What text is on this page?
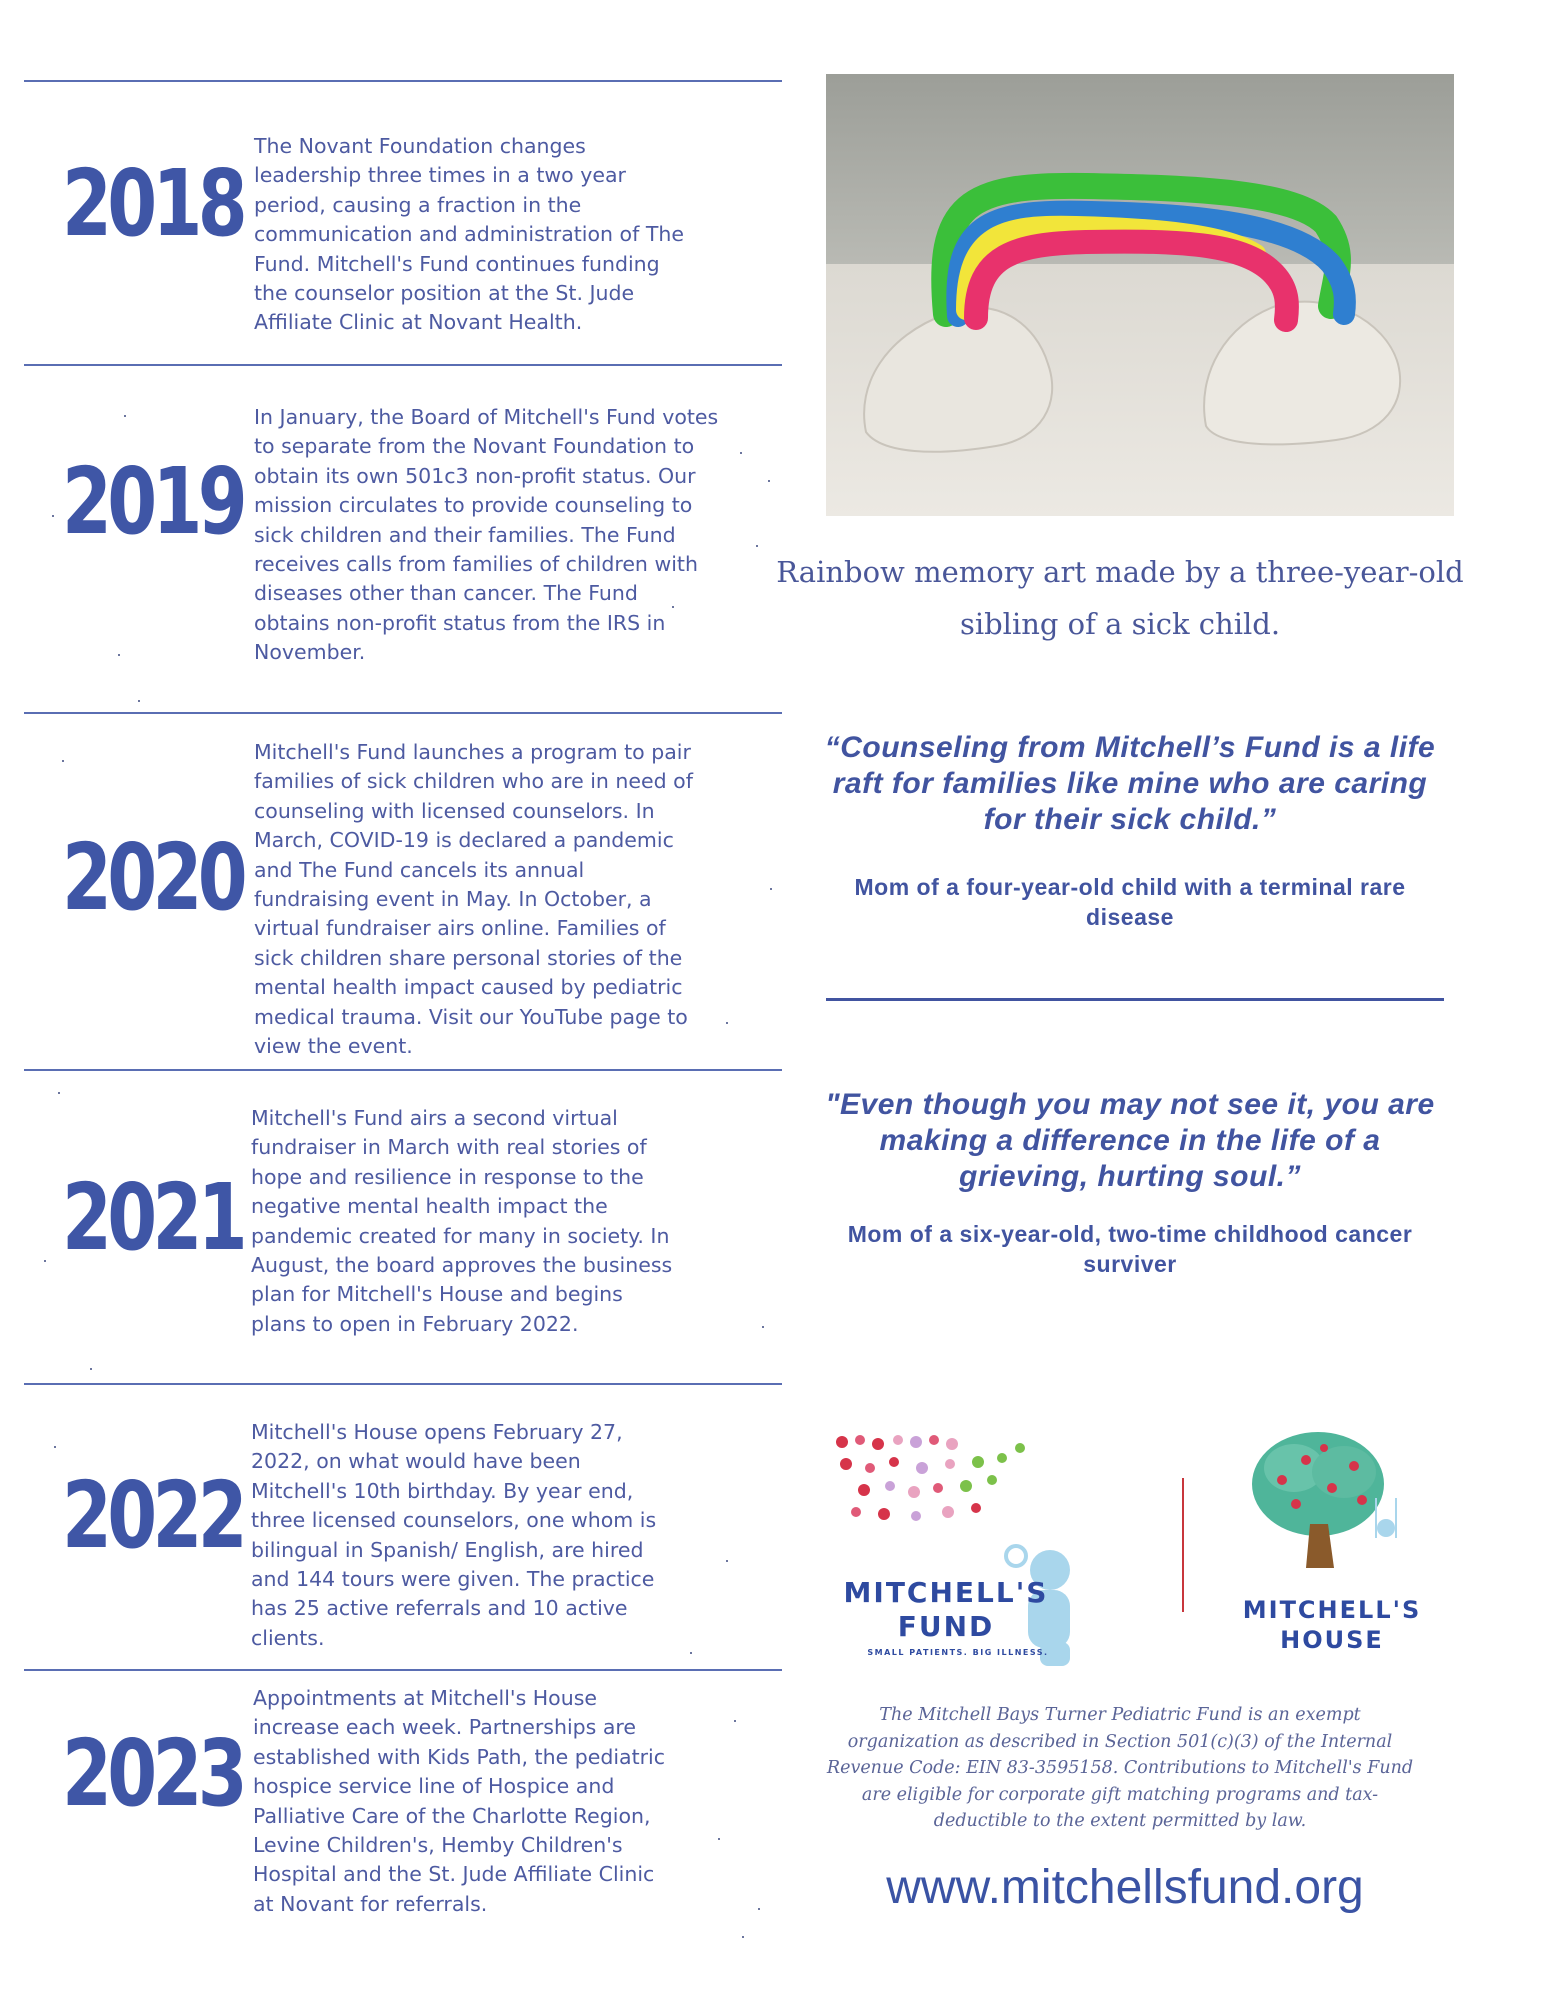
2018
The Novant Foundation changes
leadership three times in a two year
period, causing a fraction in the
communication and administration of The
Fund. Mitchell's Fund continues funding
the counselor position at the St. Jude
Affiliate Clinic at Novant Health.
2019
In January, the Board of Mitchell's Fund votes
to separate from the Novant Foundation to
obtain its own 501c3 non-profit status. Our
mission circulates to provide counseling to
sick children and their families. The Fund
receives calls from families of children with
diseases other than cancer. The Fund
obtains non-profit status from the IRS in
November.
2020
Mitchell's Fund launches a program to pair
families of sick children who are in need of
counseling with licensed counselors. In
March, COVID-19 is declared a pandemic
and The Fund cancels its annual
fundraising event in May. In October, a
virtual fundraiser airs online. Families of
sick children share personal stories of the
mental health impact caused by pediatric
medical trauma. Visit our YouTube page to
view the event.
2021
Mitchell's Fund airs a second virtual
fundraiser in March with real stories of
hope and resilience in response to the
negative mental health impact the
pandemic created for many in society. In
August, the board approves the business
plan for Mitchell's House and begins
plans to open in February 2022.
2022
Mitchell's House opens February 27,
2022, on what would have been
Mitchell's 10th birthday. By year end,
three licensed counselors, one whom is
bilingual in Spanish/ English, are hired
and 144 tours were given. The practice
has 25 active referrals and 10 active
clients.
2023
Appointments at Mitchell's House
increase each week. Partnerships are
established with Kids Path, the pediatric
hospice service line of Hospice and
Palliative Care of the Charlotte Region,
Levine Children's, Hemby Children's
Hospital and the St. Jude Affiliate Clinic
at Novant for referrals.
Rainbow memory art made by a three-year-old
sibling of a sick child.
“Counseling from Mitchell’s Fund is a life
raft for families like mine who are caring
for their sick child.”
Mom of a four-year-old child with a terminal rare
disease
"Even though you may not see it, you are
making a difference in the life of a
grieving, hurting soul.”
Mom of a six-year-old, two-time childhood cancer
surviver
MITCHELL'S
FUND
SMALL PATIENTS. BIG ILLNESS.
MITCHELL'S
HOUSE
The Mitchell Bays Turner Pediatric Fund is an exempt
organization as described in Section 501(c)(3) of the Internal
Revenue Code: EIN 83-3595158. Contributions to Mitchell's Fund
are eligible for corporate gift matching programs and tax-
deductible to the extent permitted by law.
www.mitchellsfund.org
